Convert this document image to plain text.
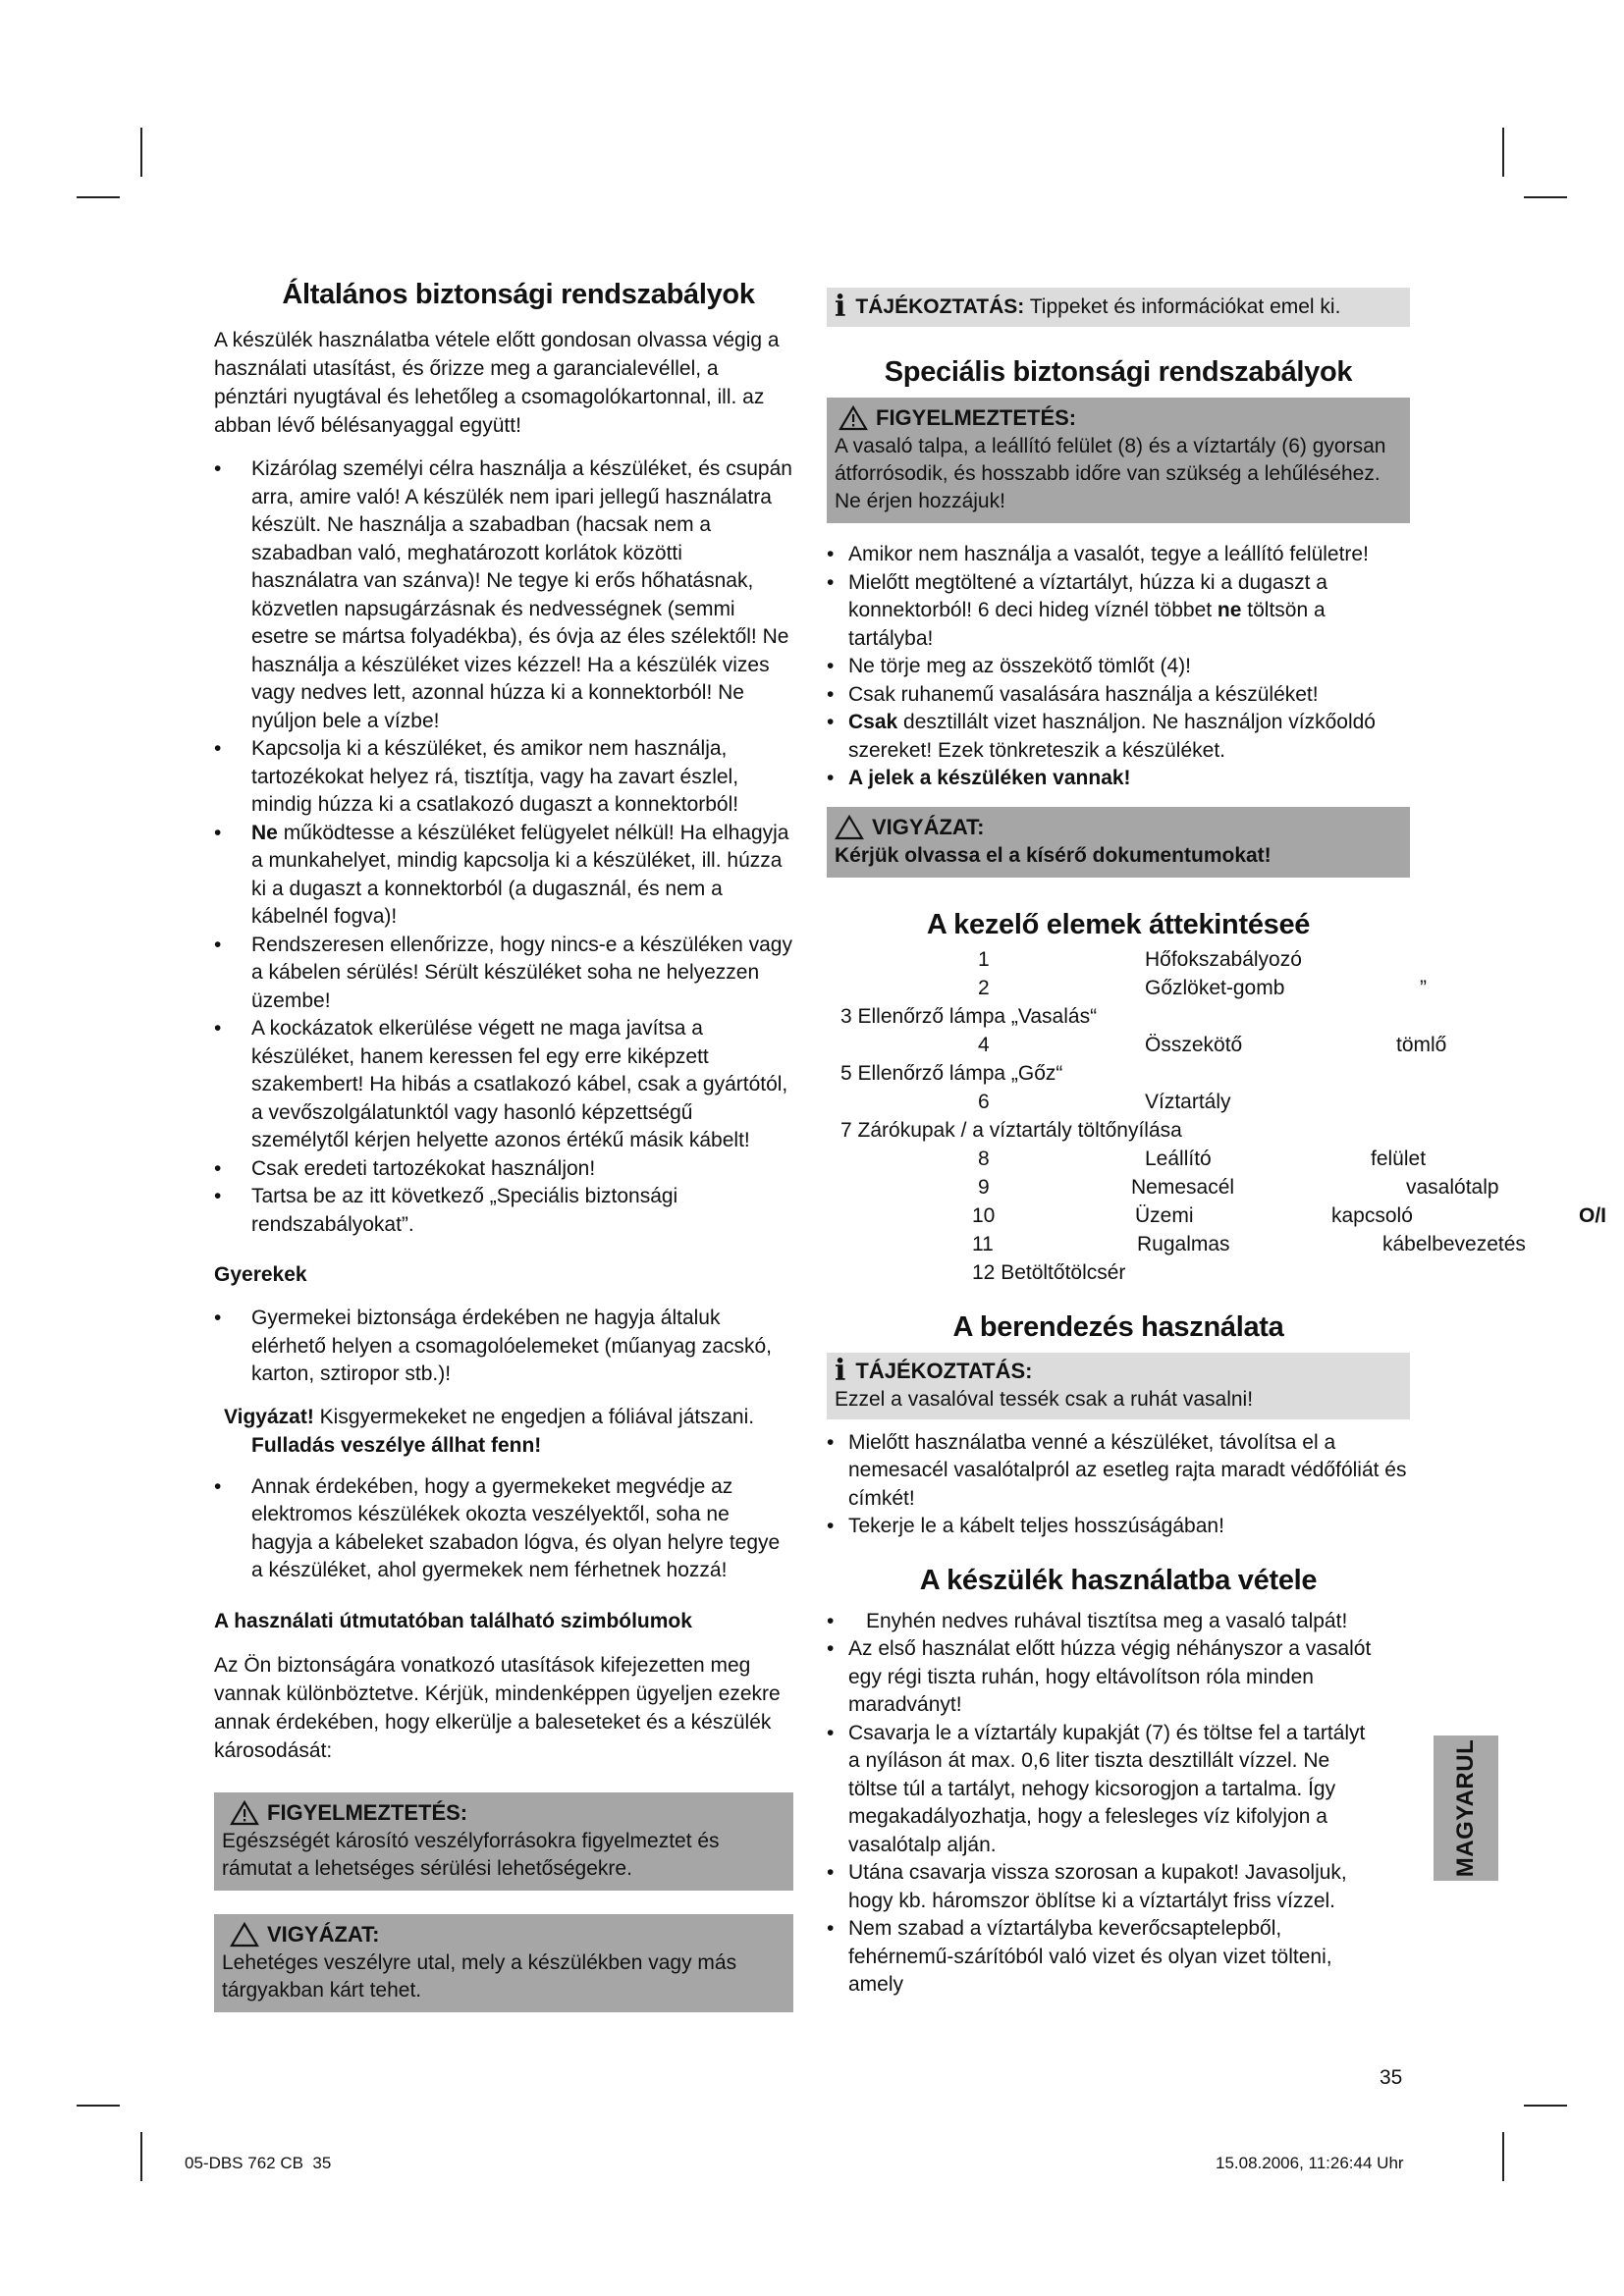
Általános biztonsági rendszabályok

A készülék használatba vétele előtt gondosan olvassa végig a használati utasítást, és őrizze meg a garancialevéllel, a pénztári nyugtával és lehetőleg a csomagolókartonnal, ill. az abban lévő bélésanyaggal együtt!

•	Kizárólag személyi célra használja a készüléket, és csupán arra, amire való! A készülék nem ipari jellegű használatra készült. Ne használja a szabadban (hacsak nem a szabadban való, meghatározott korlátok közötti használatra van szánva)! Ne tegye ki erős hőhatásnak, közvetlen napsugárzásnak és nedvességnek (semmi esetre se mártsa folyadékba), és óvja az éles szélektől! Ne használja a készüléket vizes kézzel! Ha a készülék vizes vagy nedves lett, azonnal húzza ki a konnektorból! Ne nyúljon bele a vízbe!
•	Kapcsolja ki a készüléket, és amikor nem használja, tartozékokat helyez rá, tisztítja, vagy ha zavart észlel, mindig húzza ki a csatlakozó dugaszt a konnektorból!
•	Ne működtesse a készüléket felügyelet nélkül! Ha elhagyja a munkahelyet, mindig kapcsolja ki a készüléket, ill. húzza ki a dugaszt a konnektorból (a dugasznál, és nem a kábelnél fogva)!
•	Rendszeresen ellenőrizze, hogy nincs-e a készüléken vagy a kábelen sérülés! Sérült készüléket soha ne helyezzen üzembe!
•	A kockázatok elkerülése végett ne maga javítsa a készüléket, hanem keressen fel egy erre kiképzett szakembert! Ha hibás a csatlakozó kábel, csak a gyártótól, a vevőszolgálatunktól vagy hasonló képzettségű személytől kérjen helyette azonos értékű másik kábelt!
•	Csak eredeti tartozékokat használjon!
•	Tartsa be az itt következő „Speciális biztonsági rendszabályokat”.
Gyerekek
•	Gyermekei biztonsága érdekében ne hagyja általuk elérhető helyen a csomagolóelemeket (műanyag zacskó, karton, sztiropor stb.)!

Vigyázat! Kisgyermekeket ne engedjen a fóliával játszani.
Fulladás veszélye állhat fenn!

•	Annak érdekében, hogy a gyermekeket megvédje az elektromos készülékek okozta veszélyektől, soha ne hagyja a kábeleket szabadon lógva, és olyan helyre tegye a készüléket, ahol gyermekek nem férhetnek hozzá!
A használati útmutatóban található szimbólumok

Az Ön biztonságára vonatkozó utasítások kifejezetten meg vannak különböztetve. Kérjük, mindenképpen ügyeljen ezekre annak érdekében, hogy elkerülje a baleseteket és a készülék károsodását:

FIGYELMEZTETÉS:
Egészségét károsító veszélyforrásokra figyelmeztet és rámutat a lehetséges sérülési lehetőségekre.
VIGYÁZAT:
Lehetéges veszélyre utal, mely a készülékben vagy más tárgyakban kárt tehet.
i TÁJÉKOZTATÁS: Tippeket és információkat emel ki.
Speciális biztonsági rendszabályok
FIGYELMEZTETÉS:
A vasaló talpa, a leállító felület (8) és a víztartály (6) gyorsan átforrósodik, és hosszabb időre van szükség a lehűléséhez. Ne érjen hozzájuk!
• Amikor nem használja a vasalót, tegye a leállító felületre!
• Mielőtt megtöltené a víztartályt, húzza ki a dugaszt a konnektorból! 6 deci hideg víznél többet ne töltsön a tartályba!
• Ne törje meg az összekötő tömlőt (4)!
• Csak ruhanemű vasalására használja a készüléket!
• Csak desztillált vizet használjon. Ne használjon vízkőoldó szereket! Ezek tönkreteszik a készüléket.
• A jelek a készüléken vannak!
VIGYÁZAT:
Kérjük olvassa el a kísérő dokumentumokat!
A kezelő elemek áttekintéseé
1	Hőfokszabályozó
2	Gőzlöket-gomb	”
3 Ellenőrző lámpa „Vasalás“
4	Összekötő	tömlő
5 Ellenőrző lámpa „Gőz“
6	Víztartály
7 Zárókupak / a víztartály töltőnyílása
8	Leállító	felület
9	Nemesacél	vasalótalp
10	Üzemi	kapcsoló	O/I
11	Rugalmas	kábelbevezetés
12 Betöltőtölcsér
A berendezés használata
i TÁJÉKOZTATÁS:
Ezzel a vasalóval tessék csak a ruhát vasalni!
• Mielőtt használatba venné a készüléket, távolítsa el a nemesacél vasalótalpról az esetleg rajta maradt védőfóliát és címkét!
• Tekerje le a kábelt teljes hosszúságában!
A készülék használatba vétele
•	Enyhén nedves ruhával tisztítsa meg a vasaló talpát!
• Az első használat előtt húzza végig néhányszor a vasalót egy régi tiszta ruhán, hogy eltávolítson róla minden maradványt!
• Csavarja le a víztartály kupakját (7) és töltse fel a tartályt a nyíláson át max. 0,6 liter tiszta desztillált vízzel. Ne töltse túl a tartályt, nehogy kicsorogjon a tartalma. Így megakadályozhatja, hogy a felesleges víz kifolyjon a vasalótalp alján.
• Utána csavarja vissza szorosan a kupakot! Javasoljuk, hogy kb. háromszor öblítse ki a víztartályt friss vízzel.
• Nem szabad a víztartályba keverőcsaptelepből, fehérnemű-szárítóból való vizet és olyan vizet tölteni, amely
MAGYARUL
35
05-DBS 762 CB  35	15.08.2006, 11:26:44 Uhr
